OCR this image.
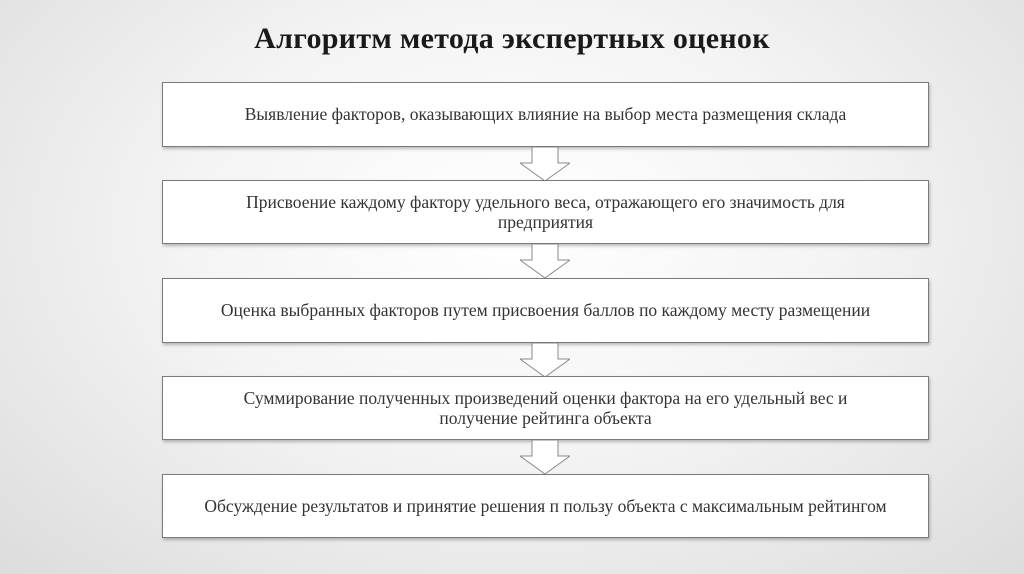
Алгоритм метода экспертных оценок
Выявление факторов, оказывающих влияние на выбор места размещения склада
Присвоение каждому фактору удельного веса, отражающего его значимость для предприятия
Оценка выбранных факторов путем присвоения баллов по каждому месту размещении
Суммирование полученных произведений оценки фактора на его удельный вес и получение рейтинга объекта
Обсуждение результатов и принятие решения п пользу объекта с максимальным рейтингом
